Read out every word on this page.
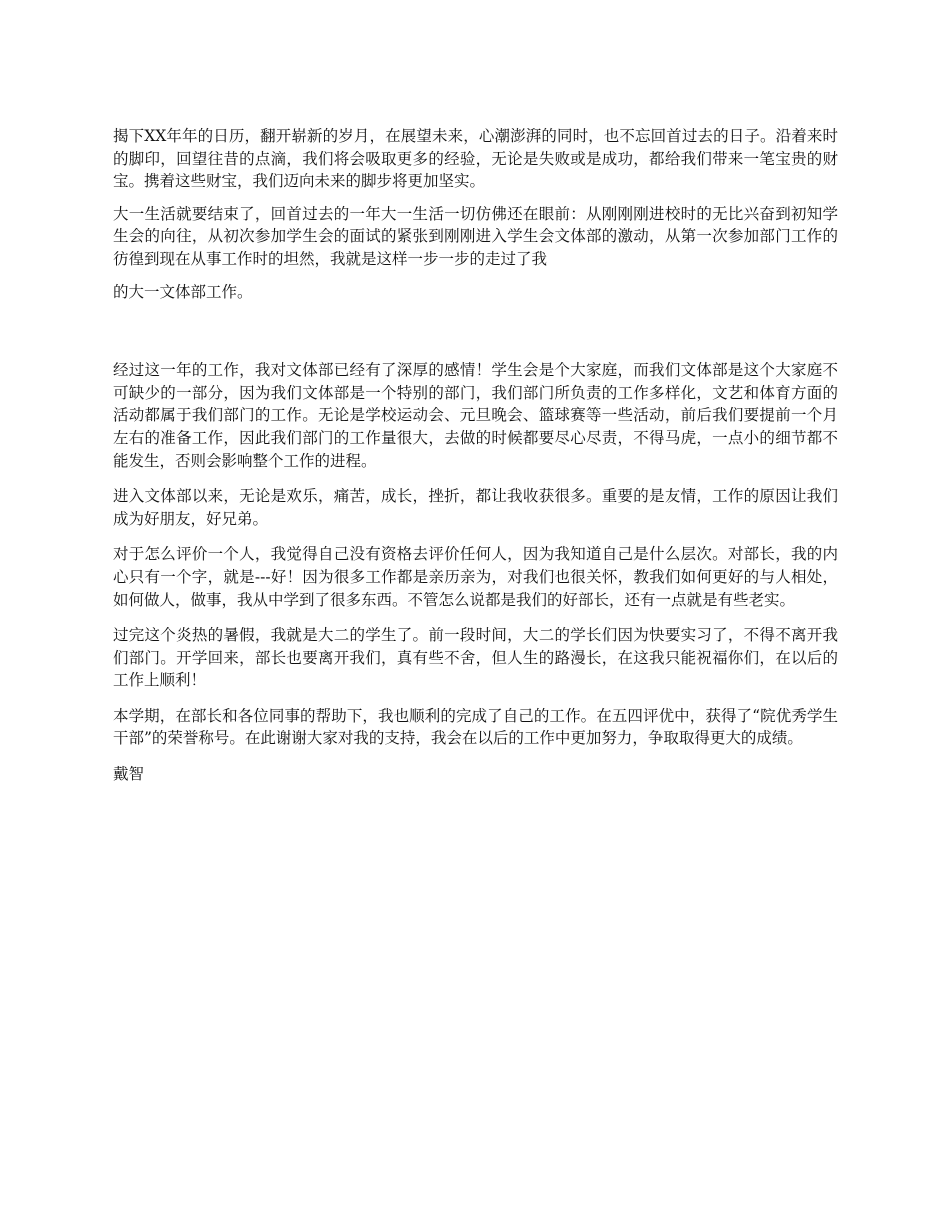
揭下XX年年的日历，翻开崭新的岁月，在展望未来，心潮澎湃的同时，也不忘回首过去的日子。沿着来时的脚印，回望往昔的点滴，我们将会吸取更多的经验，无论是失败或是成功，都给我们带来一笔宝贵的财宝。携着这些财宝，我们迈向未来的脚步将更加坚实。

大一生活就要结束了，回首过去的一年大一生活一切仿佛还在眼前：从刚刚刚进校时的无比兴奋到初知学生会的向往，从初次参加学生会的面试的紧张到刚刚进入学生会文体部的激动，从第一次参加部门工作的彷徨到现在从事工作时的坦然，我就是这样一步一步的走过了我

的大一文体部工作。

经过这一年的工作，我对文体部已经有了深厚的感情！学生会是个大家庭，而我们文体部是这个大家庭不可缺少的一部分，因为我们文体部是一个特别的部门，我们部门所负责的工作多样化，文艺和体育方面的活动都属于我们部门的工作。无论是学校运动会、元旦晚会、篮球赛等一些活动，前后我们要提前一个月左右的准备工作，因此我们部门的工作量很大，去做的时候都要尽心尽责，不得马虎，一点小的细节都不能发生，否则会影响整个工作的进程。

进入文体部以来，无论是欢乐，痛苦，成长，挫折，都让我收获很多。重要的是友情，工作的原因让我们成为好朋友，好兄弟。

对于怎么评价一个人，我觉得自己没有资格去评价任何人，因为我知道自己是什么层次。对部长，我的内心只有一个字，就是---好！因为很多工作都是亲历亲为，对我们也很关怀，教我们如何更好的与人相处，如何做人，做事，我从中学到了很多东西。不管怎么说都是我们的好部长，还有一点就是有些老实。

过完这个炎热的暑假，我就是大二的学生了。前一段时间，大二的学长们因为快要实习了，不得不离开我们部门。开学回来，部长也要离开我们，真有些不舍，但人生的路漫长，在这我只能祝福你们，在以后的工作上顺利！

本学期，在部长和各位同事的帮助下，我也顺利的完成了自己的工作。在五四评优中，获得了“院优秀学生干部”的荣誉称号。在此谢谢大家对我的支持，我会在以后的工作中更加努力，争取取得更大的成绩。

戴智
